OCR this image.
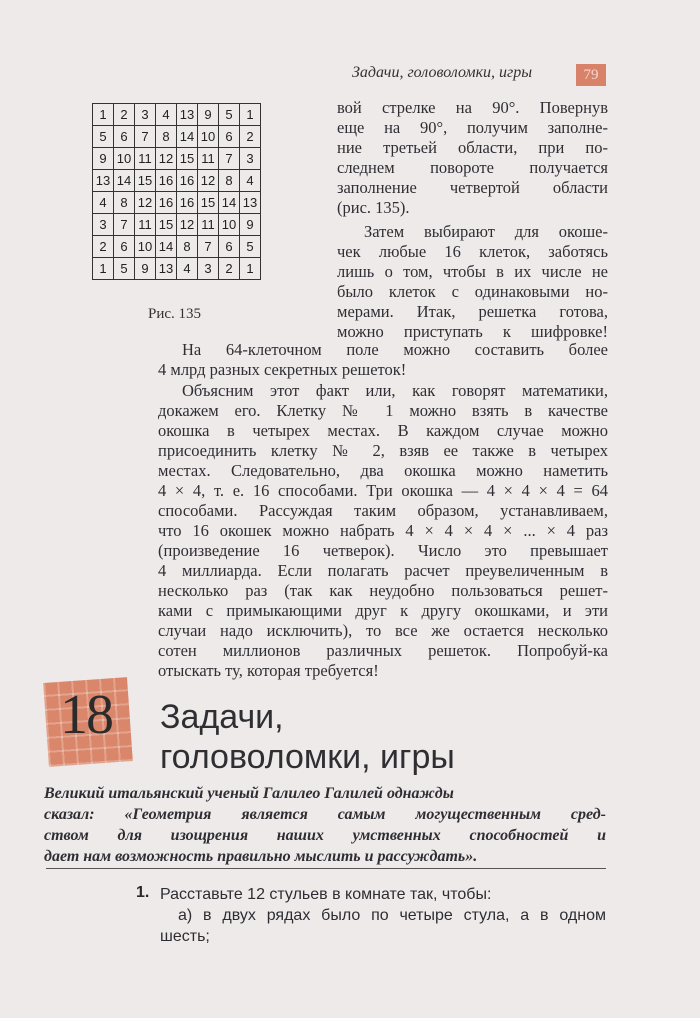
Задачи, головоломки, игры	79
1	2	3	4	13	9	5	1
5	6	7	8	14	10	6	2
9	10	11	12	15	11	7	3
13	14	15	16	16	12	8	4
4	8	12	16	16	15	14	13
3	7	11	15	12	11	10	9
2	6	10	14	8	7	6	5
1	5	9	13	4	3	2	1
Рис. 135
вой стрелке на 90°. Повернув
еще на 90°, получим заполне-
ние третьей области, при по-
следнем повороте получается
заполнение четвертой области
(рис. 135).
Затем выбирают для окоше-
чек любые 16 клеток, заботясь
лишь о том, чтобы в их числе не
было клеток с одинаковыми но-
мерами. Итак, решетка готова,
можно приступать к шифровке!
На 64-клеточном поле можно составить более
4 млрд разных секретных решеток!
Объясним этот факт или, как говорят математики,
докажем его. Клетку № 1 можно взять в качестве
окошка в четырех местах. В каждом случае можно
присоединить клетку № 2, взяв ее также в четырех
местах. Следовательно, два окошка можно наметить
4 × 4, т. е. 16 способами. Три окошка — 4 × 4 × 4 = 64
способами. Рассуждая таким образом, устанавливаем,
что 16 окошек можно набрать 4 × 4 × 4 × ... × 4 раз
(произведение 16 четверок). Число это превышает
4 миллиарда. Если полагать расчет преувеличенным в
несколько раз (так как неудобно пользоваться решет-
ками с примыкающими друг к другу окошками, и эти
случаи надо исключить), то все же остается несколько
сотен миллионов различных решеток. Попробуй-ка
отыскать ту, которая требуется!
18 Задачи,
головоломки, игры
Великий итальянский ученый Галилео Галилей однажды
сказал: «Геометрия является самым могущественным сред-
ством для изощрения наших умственных способностей и
дает нам возможность правильно мыслить и рассуждать».
1. Расставьте 12 стульев в комнате так, чтобы:
а) в двух рядах было по четыре стула, а в одном
шесть;
